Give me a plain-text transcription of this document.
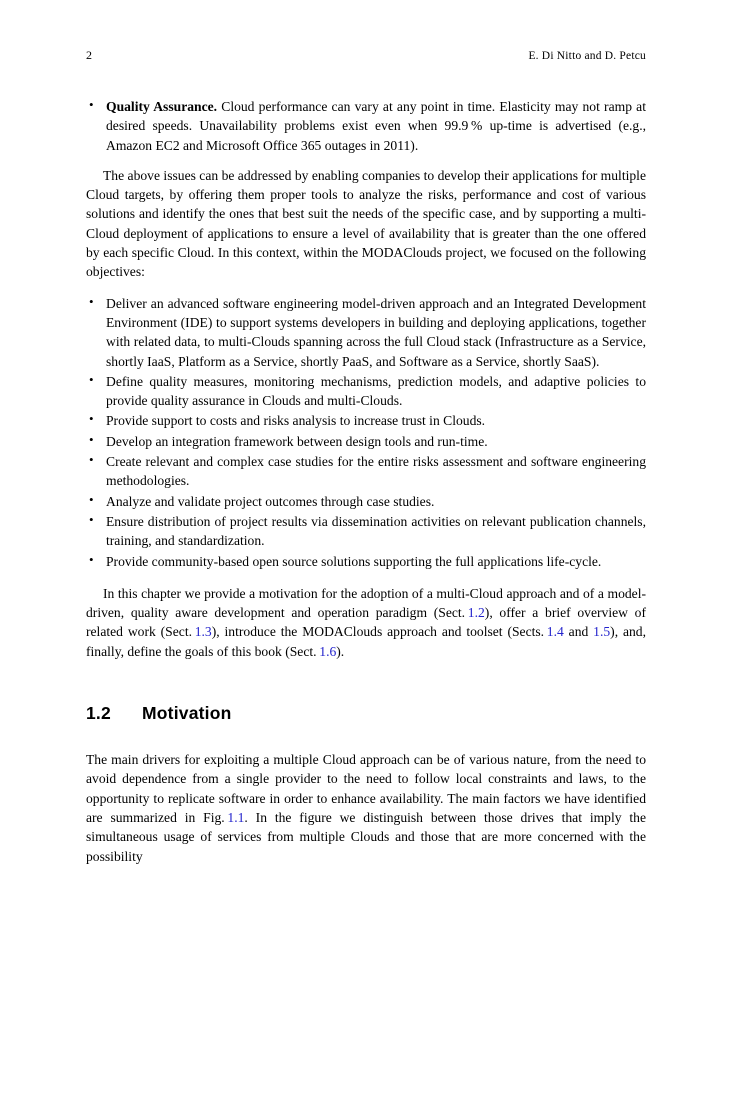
2	E. Di Nitto and D. Petcu
• Quality Assurance. Cloud performance can vary at any point in time. Elasticity may not ramp at desired speeds. Unavailability problems exist even when 99.9 % up-time is advertised (e.g., Amazon EC2 and Microsoft Office 365 outages in 2011).

The above issues can be addressed by enabling companies to develop their applications for multiple Cloud targets, by offering them proper tools to analyze the risks, performance and cost of various solutions and identify the ones that best suit the needs of the specific case, and by supporting a multi-Cloud deployment of applications to ensure a level of availability that is greater than the one offered by each specific Cloud. In this context, within the MODAClouds project, we focused on the following objectives:

• Deliver an advanced software engineering model-driven approach and an Integrated Development Environment (IDE) to support systems developers in building and deploying applications, together with related data, to multi-Clouds spanning across the full Cloud stack (Infrastructure as a Service, shortly IaaS, Platform as a Service, shortly PaaS, and Software as a Service, shortly SaaS).
• Define quality measures, monitoring mechanisms, prediction models, and adaptive policies to provide quality assurance in Clouds and multi-Clouds.
• Provide support to costs and risks analysis to increase trust in Clouds.
• Develop an integration framework between design tools and run-time.
• Create relevant and complex case studies for the entire risks assessment and software engineering methodologies.
• Analyze and validate project outcomes through case studies.
• Ensure distribution of project results via dissemination activities on relevant publication channels, training, and standardization.
• Provide community-based open source solutions supporting the full applications life-cycle.

In this chapter we provide a motivation for the adoption of a multi-Cloud approach and of a model-driven, quality aware development and operation paradigm (Sect. 1.2), offer a brief overview of related work (Sect. 1.3), introduce the MODAClouds approach and toolset (Sects. 1.4 and 1.5), and, finally, define the goals of this book (Sect. 1.6).

1.2 Motivation

The main drivers for exploiting a multiple Cloud approach can be of various nature, from the need to avoid dependence from a single provider to the need to follow local constraints and laws, to the opportunity to replicate software in order to enhance availability. The main factors we have identified are summarized in Fig. 1.1. In the figure we distinguish between those drives that imply the simultaneous usage of services from multiple Clouds and those that are more concerned with the possibility
